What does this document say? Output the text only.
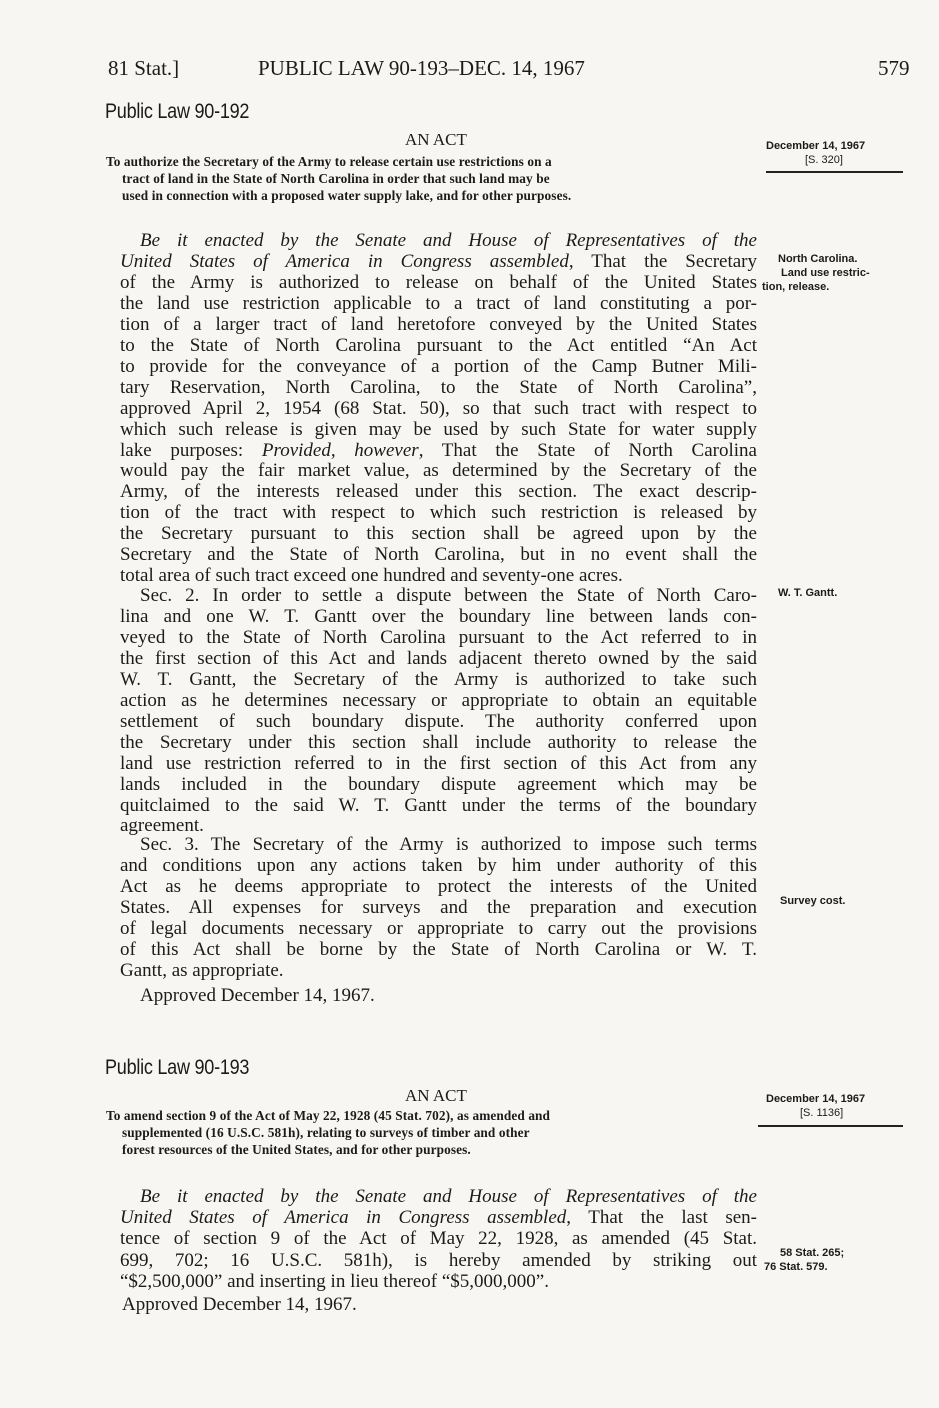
81 Stat.]	PUBLIC LAW 90-193–DEC. 14, 1967	579
Public Law 90-192
AN ACT	December 14, 1967
[S. 320]
To authorize the Secretary of the Army to release certain use restrictions on a
tract of land in the State of North Carolina in order that such land may be
used in connection with a proposed water supply lake, and for other purposes.
North Carolina.
Land use restric-
tion, release.
W. T. Gantt.
Survey cost.
Be it enacted by the Senate and House of Representatives of the
United States of America in Congress assembled, That the Secretary
of the Army is authorized to release on behalf of the United States
the land use restriction applicable to a tract of land constituting a por-
tion of a larger tract of land heretofore conveyed by the United States
to the State of North Carolina pursuant to the Act entitled “An Act
to provide for the conveyance of a portion of the Camp Butner Mili-
tary Reservation, North Carolina, to the State of North Carolina”,
approved April 2, 1954 (68 Stat. 50), so that such tract with respect to
which such release is given may be used by such State for water supply
lake purposes: Provided, however, That the State of North Carolina
would pay the fair market value, as determined by the Secretary of the
Army, of the interests released under this section. The exact descrip-
tion of the tract with respect to which such restriction is released by
the Secretary pursuant to this section shall be agreed upon by the
Secretary and the State of North Carolina, but in no event shall the
total area of such tract exceed one hundred and seventy-one acres.
Sec. 2. In order to settle a dispute between the State of North Caro-
lina and one W. T. Gantt over the boundary line between lands con-
veyed to the State of North Carolina pursuant to the Act referred to in
the first section of this Act and lands adjacent thereto owned by the said
W. T. Gantt, the Secretary of the Army is authorized to take such
action as he determines necessary or appropriate to obtain an equitable
settlement of such boundary dispute. The authority conferred upon
the Secretary under this section shall include authority to release the
land use restriction referred to in the first section of this Act from any
lands included in the boundary dispute agreement which may be
quitclaimed to the said W. T. Gantt under the terms of the boundary
agreement.
Sec. 3. The Secretary of the Army is authorized to impose such terms
and conditions upon any actions taken by him under authority of this
Act as he deems appropriate to protect the interests of the United
States. All expenses for surveys and the preparation and execution
of legal documents necessary or appropriate to carry out the provisions
of this Act shall be borne by the State of North Carolina or W. T.
Gantt, as appropriate.
Approved December 14, 1967.
Public Law 90-193
AN ACT	December 14, 1967
[S. 1136]
To amend section 9 of the Act of May 22, 1928 (45 Stat. 702), as amended and
supplemented (16 U.S.C. 581h), relating to surveys of timber and other
forest resources of the United States, and for other purposes.
58 Stat. 265;
76 Stat. 579.
Be it enacted by the Senate and House of Representatives of the
United States of America in Congress assembled, That the last sen-
tence of section 9 of the Act of May 22, 1928, as amended (45 Stat.
699, 702; 16 U.S.C. 581h), is hereby amended by striking out
“$2,500,000” and inserting in lieu thereof “$5,000,000”.
Approved December 14, 1967.
